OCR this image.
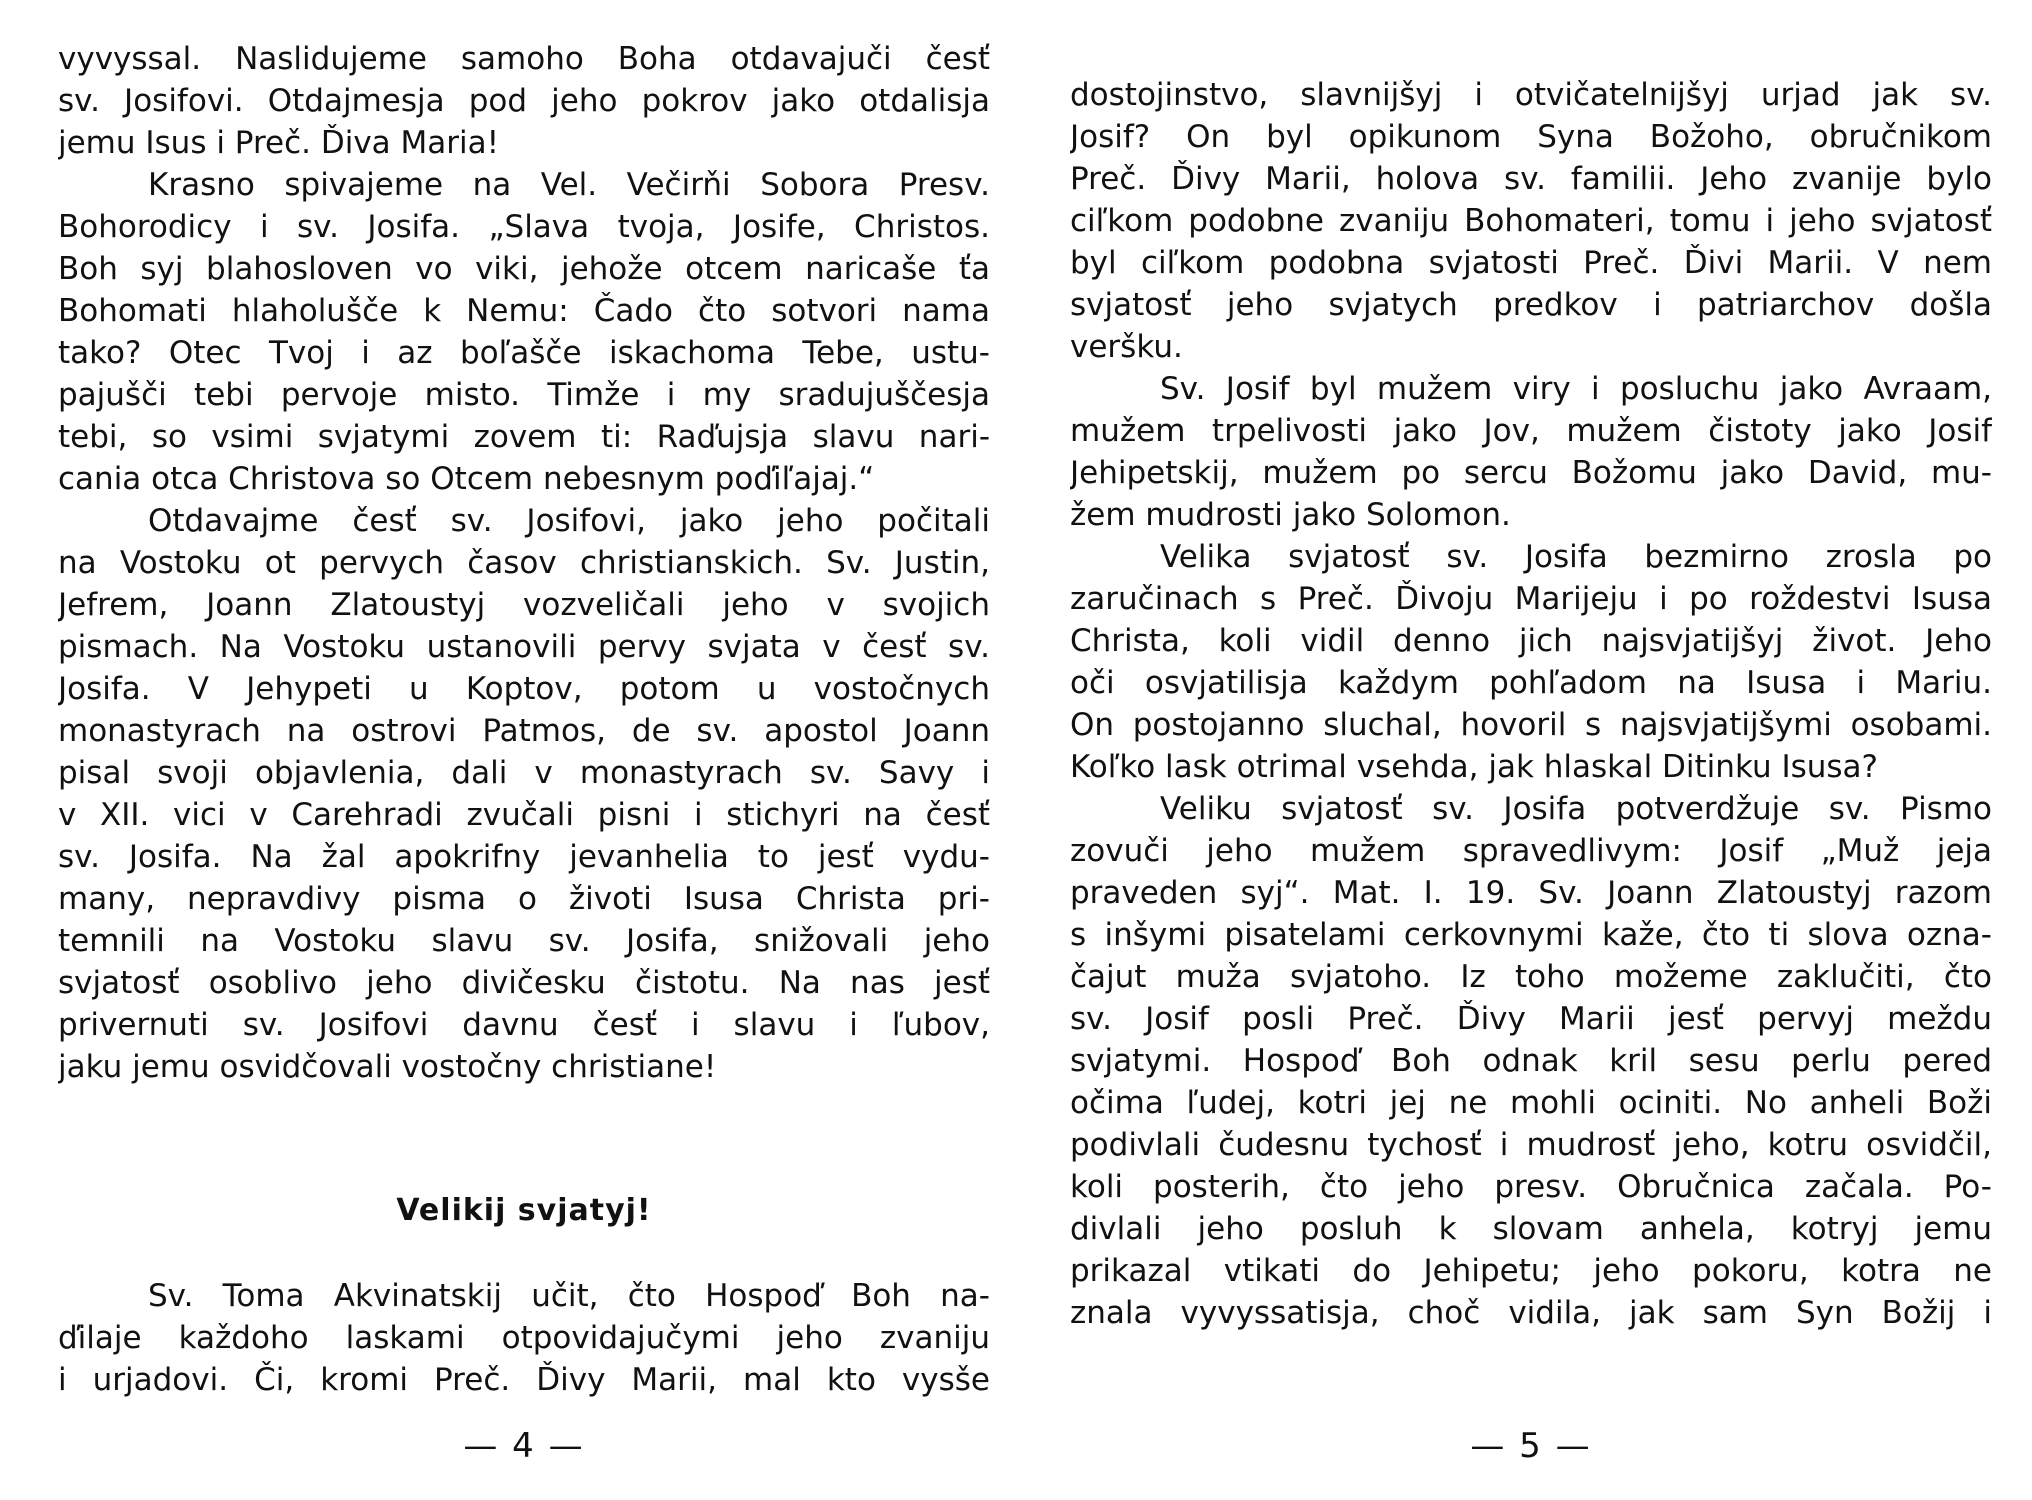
vyvyssal. Naslidujeme samoho Boha otdavajuči česť
sv. Josifovi. Otdajmesja pod jeho pokrov jako otdalisja
jemu Isus i Preč. Ďiva Maria!
Krasno spivajeme na Vel. Večirňi Sobora Presv.
Bohorodicy i sv. Josifa. „Slava tvoja, Josife, Christos.
Boh syj blahosloven vo viki, jehože otcem naricaše ťa
Bohomati hlaholušče k Nemu: Čado čto sotvori nama
tako? Otec Tvoj i az boľašče iskachoma Tebe, ustu-
pajušči tebi pervoje misto. Timže i my sradujuščesja
tebi, so vsimi svjatymi zovem ti: Raďujsja slavu nari-
cania otca Christova so Otcem nebesnym poďiľajaj.“
Otdavajme česť sv. Josifovi, jako jeho počitali
na Vostoku ot pervych časov christianskich. Sv. Justin,
Jefrem, Joann Zlatoustyj vozveličali jeho v svojich
pismach. Na Vostoku ustanovili pervy svjata v česť sv.
Josifa. V Jehypeti u Koptov, potom u vostočnych
monastyrach na ostrovi Patmos, de sv. apostol Joann
pisal svoji objavlenia, dali v monastyrach sv. Savy i
v XII. vici v Carehradi zvučali pisni i stichyri na česť
sv. Josifa. Na žal apokrifny jevanhelia to jesť vydu-
many, nepravdivy pisma o životi Isusa Christa pri-
temnili na Vostoku slavu sv. Josifa, snižovali jeho
svjatosť osoblivo jeho divičesku čistotu. Na nas jesť
privernuti sv. Josifovi davnu česť i slavu i ľubov,
jaku jemu osvidčovali vostočny christiane!
Velikij svjatyj!
Sv. Toma Akvinatskij učit, čto Hospoď Boh na-
ďilaje každoho laskami otpovidajučymi jeho zvaniju
i urjadovi. Či, kromi Preč. Ďivy Marii, mal kto vysše
— 4 —
dostojinstvo, slavnijšyj i otvičatelnijšyj urjad jak sv.
Josif? On byl opikunom Syna Božoho, obručnikom
Preč. Ďivy Marii, holova sv. familii. Jeho zvanije bylo
ciľkom podobne zvaniju Bohomateri, tomu i jeho svjatosť
byl ciľkom podobna svjatosti Preč. Ďivi Marii. V nem
svjatosť jeho svjatych predkov i patriarchov došla
veršku.
Sv. Josif byl mužem viry i posluchu jako Avraam,
mužem trpelivosti jako Jov, mužem čistoty jako Josif
Jehipetskij, mužem po sercu Božomu jako David, mu-
žem mudrosti jako Solomon.
Velika svjatosť sv. Josifa bezmirno zrosla po
zaručinach s Preč. Ďivoju Marijeju i po roždestvi Isusa
Christa, koli vidil denno jich najsvjatijšyj život. Jeho
oči osvjatilisja každym pohľadom na Isusa i Mariu.
On postojanno sluchal, hovoril s najsvjatijšymi osobami.
Koľko lask otrimal vsehda, jak hlaskal Ditinku Isusa?
Veliku svjatosť sv. Josifa potverdžuje sv. Pismo
zovuči jeho mužem spravedlivym: Josif „Muž jeja
praveden syj“. Mat. I. 19. Sv. Joann Zlatoustyj razom
s inšymi pisatelami cerkovnymi kaže, čto ti slova ozna-
čajut muža svjatoho. Iz toho možeme zaklučiti, čto
sv. Josif posli Preč. Ďivy Marii jesť pervyj meždu
svjatymi. Hospoď Boh odnak kril sesu perlu pered
očima ľudej, kotri jej ne mohli ociniti. No anheli Boži
podivlali čudesnu tychosť i mudrosť jeho, kotru osvidčil,
koli posterih, čto jeho presv. Obručnica začala. Po-
divlali jeho posluh k slovam anhela, kotryj jemu
prikazal vtikati do Jehipetu; jeho pokoru, kotra ne
znala vyvyssatisja, choč vidila, jak sam Syn Božij i
— 5 —
